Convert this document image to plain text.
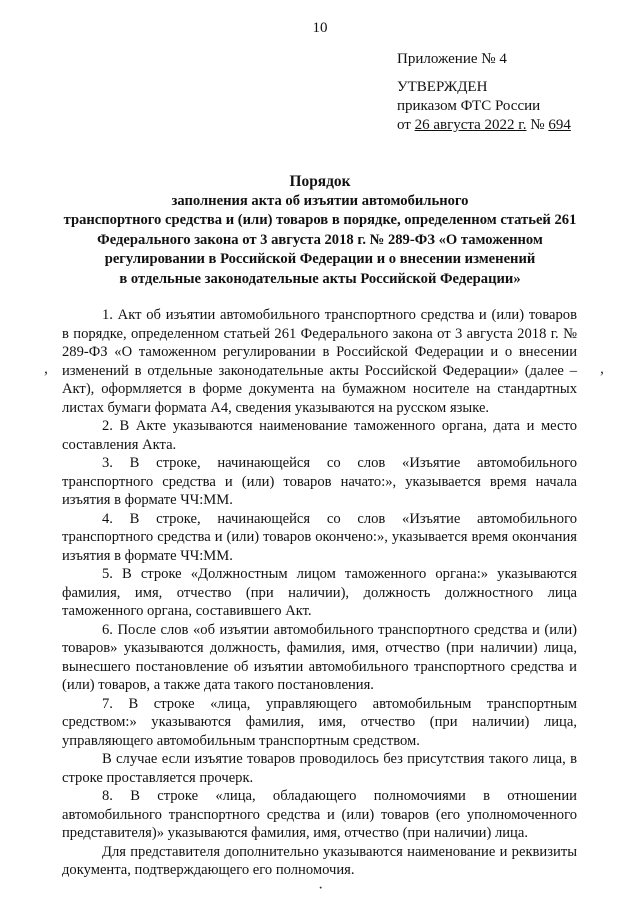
10
Приложение № 4
УТВЕРЖДЕН
приказом ФТС России
от 26 августа 2022 г. № 694
Порядок
заполнения акта об изъятии автомобильного
транспортного средства и (или) товаров в порядке, определенном статьей 261
Федерального закона от 3 августа 2018 г. № 289-ФЗ «О таможенном
регулировании в Российской Федерации и о внесении изменений
в отдельные законодательные акты Российской Федерации»

1. Акт об изъятии автомобильного транспортного средства и (или) товаров в порядке, определенном статьей 261 Федерального закона от 3 августа 2018 г. № 289-ФЗ «О таможенном регулировании в Российской Федерации и о внесении изменений в отдельные законодательные акты Российской Федерации» (далее – Акт), оформляется в форме документа на бумажном носителе на стандартных листах бумаги формата А4, сведения указываются на русском языке.

2. В Акте указываются наименование таможенного органа, дата и место составления Акта.

3. В строке, начинающейся со слов «Изъятие автомобильного транспортного средства и (или) товаров начато:», указывается время начала изъятия в формате ЧЧ:ММ.

4. В строке, начинающейся со слов «Изъятие автомобильного транспортного средства и (или) товаров окончено:», указывается время окончания изъятия в формате ЧЧ:ММ.

5. В строке «Должностным лицом таможенного органа:» указываются фамилия, имя, отчество (при наличии), должность должностного лица таможенного органа, составившего Акт.

6. После слов «об изъятии автомобильного транспортного средства и (или) товаров» указываются должность, фамилия, имя, отчество (при наличии) лица, вынесшего постановление об изъятии автомобильного транспортного средства и (или) товаров, а также дата такого постановления.

7. В строке «лица, управляющего автомобильным транспортным средством:» указываются фамилия, имя, отчество (при наличии) лица, управляющего автомобильным транспортным средством.

В случае если изъятие товаров проводилось без присутствия такого лица, в строке проставляется прочерк.

8. В строке «лица, обладающего полномочиями в отношении автомобильного транспортного средства и (или) товаров (его уполномоченного представителя)» указываются фамилия, имя, отчество (при наличии) лица.

Для представителя дополнительно указываются наименование и реквизиты документа, подтверждающего его полномочия.

,	,
·
